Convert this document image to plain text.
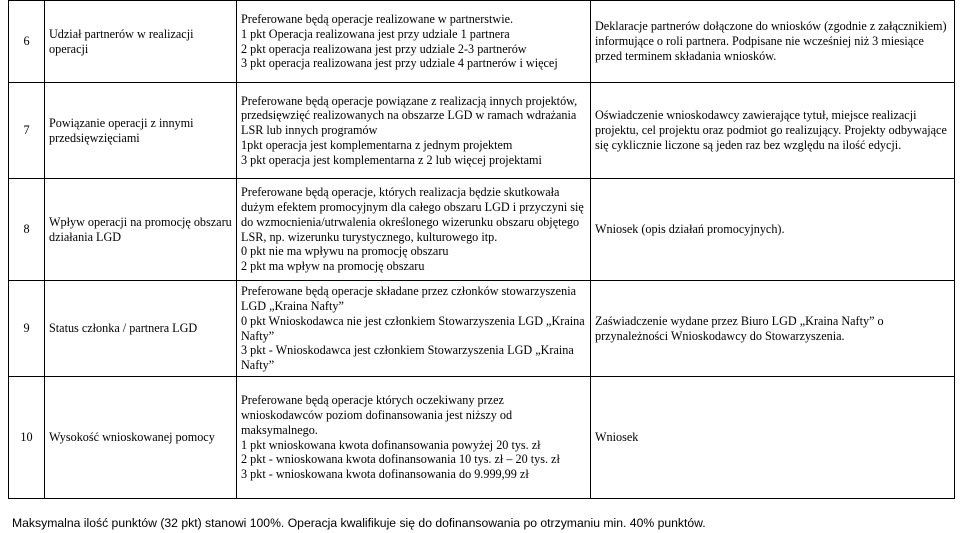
6	Udział partnerów w realizacji operacji	Preferowane będą operacje realizowane w partnerstwie.
1 pkt Operacja realizowana jest przy udziale 1 partnera
2 pkt operacja realizowana jest przy udziale 2-3 partnerów
3 pkt operacja realizowana jest przy udziale 4 partnerów i więcej	Deklaracje partnerów dołączone do wniosków (zgodnie z załącznikiem) informujące o roli partnera. Podpisane nie wcześniej niż 3 miesiące przed terminem składania wniosków.

7	Powiązanie operacji z innymi przedsięwzięciami	Preferowane będą operacje powiązane z realizacją innych projektów, przedsięwzięć realizowanych na obszarze LGD w ramach wdrażania LSR lub innych programów
1pkt operacja jest komplementarna z jednym projektem
3 pkt operacja jest komplementarna z 2 lub więcej projektami	Oświadczenie wnioskodawcy zawierające tytuł, miejsce realizacji projektu, cel projektu oraz podmiot go realizujący. Projekty odbywające się cyklicznie liczone są jeden raz bez względu na ilość edycji.

8	Wpływ operacji na promocję obszaru działania LGD	Preferowane będą operacje, których realizacja będzie skutkowała dużym efektem promocyjnym dla całego obszaru LGD i przyczyni się do wzmocnienia/utrwalenia określonego wizerunku obszaru objętego LSR, np. wizerunku turystycznego, kulturowego itp.
0 pkt nie ma wpływu na promocję obszaru
2 pkt ma wpływ na promocję obszaru	Wniosek (opis działań promocyjnych).

9	Status członka / partnera LGD	Preferowane będą operacje składane przez członków stowarzyszenia LGD „Kraina Nafty”
0 pkt Wnioskodawca nie jest członkiem Stowarzyszenia LGD „Kraina Nafty”
3 pkt - Wnioskodawca jest członkiem Stowarzyszenia LGD „Kraina Nafty”	Zaświadczenie wydane przez Biuro LGD „Kraina Nafty” o przynależności Wnioskodawcy do Stowarzyszenia.

10	Wysokość wnioskowanej pomocy	Preferowane będą operacje których oczekiwany przez wnioskodawców poziom dofinansowania jest niższy od maksymalnego.
1 pkt wnioskowana kwota dofinansowania powyżej 20 tys. zł
2 pkt - wnioskowana kwota dofinansowania 10 tys. zł – 20 tys. zł
3 pkt - wnioskowana kwota dofinansowania do 9.999,99 zł	Wniosek
Maksymalna ilość punktów (32 pkt) stanowi 100%. Operacja kwalifikuje się do dofinansowania po otrzymaniu min. 40% punktów.
